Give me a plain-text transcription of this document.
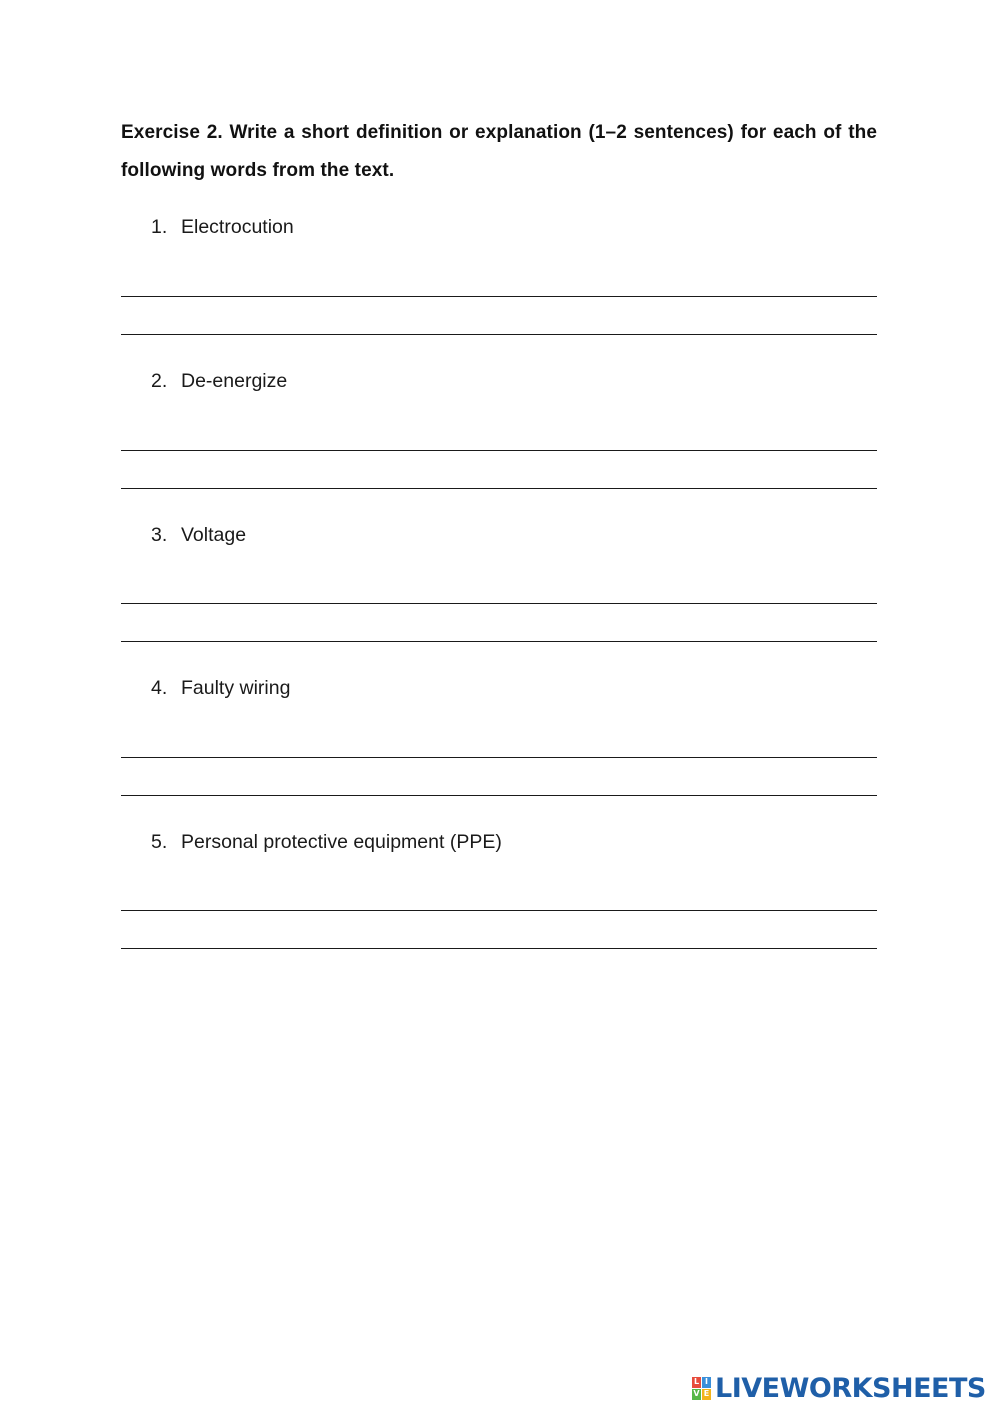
Exercise 2. Write a short definition or explanation (1–2 sentences) for each of the following words from the text.
1. Electrocution
2. De-energize
3. Voltage
4. Faulty wiring
5. Personal protective equipment (PPE)
L I
V E LIVEWORKSHEETS
